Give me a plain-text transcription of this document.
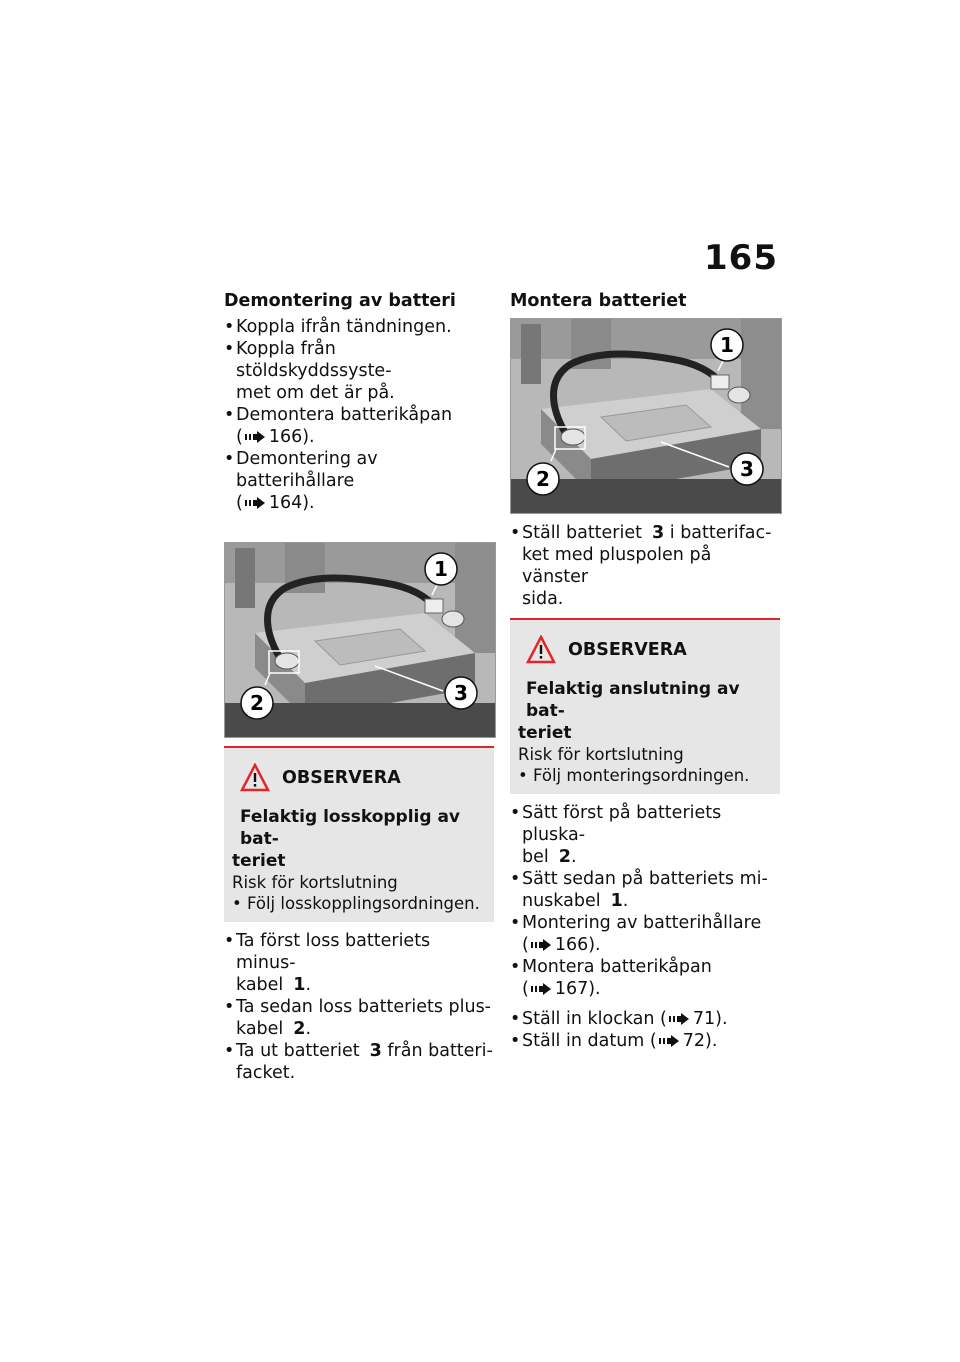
165
Demontering av batteri
• Koppla ifrån tändningen.
• Koppla från stöldskyddssyste-
met om det är på.
• Demontera batterikåpan
( 166).
• Demontering av batterihållare
( 164).
1
2	3
OBSERVERA
Felaktig losskopplig av bat-
teriet
Risk för kortslutning
• Följ losskopplingsordningen.
• Ta först loss batteriets minus-
kabel 1.
• Ta sedan loss batteriets plus-
kabel 2.
• Ta ut batteriet 3 från batteri-
facket.
Montera batteriet
1
2	3
• Ställ batteriet 3 i batterifac-
ket med pluspolen på vänster
sida.
OBSERVERA
Felaktig anslutning av bat-
teriet
Risk för kortslutning
• Följ monteringsordningen.
• Sätt först på batteriets pluska-
bel 2.
• Sätt sedan på batteriets mi-
nuskabel 1.
• Montering av batterihållare
( 166).
• Montera batterikåpan
( 167).
• Ställ in klockan ( 71).
• Ställ in datum ( 72).
